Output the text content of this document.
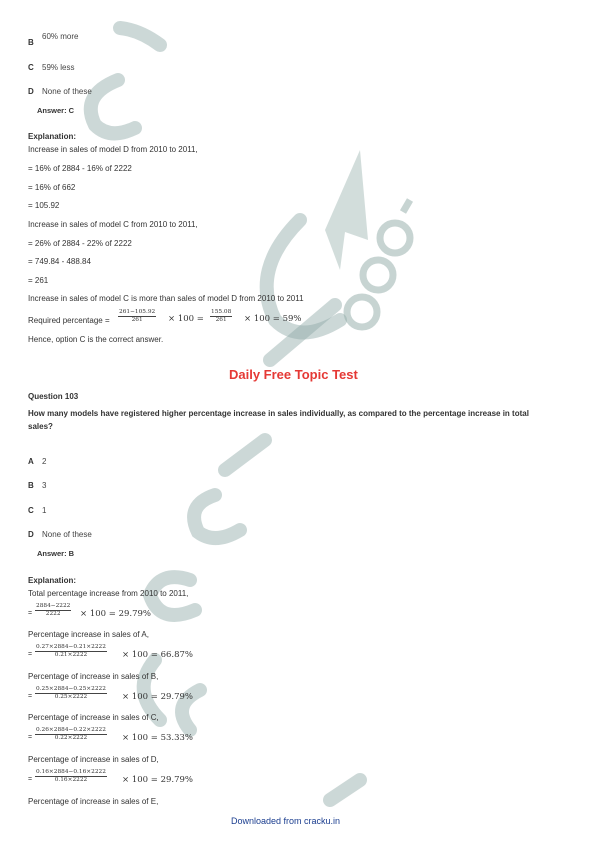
B
60% more
C 59% less
D None of these
Answer: C
Explanation:
Increase in sales of model D from 2010 to 2011,
= 16% of 2884 - 16% of 2222
= 16% of 662
= 105.92
Increase in sales of model C from 2010 to 2011,
= 26% of 2884 - 22% of 2222
= 749.84 - 488.84
= 261
Increase in sales of model C is more than sales of model D from 2010 to 2011
Required percentage = $\frac{261-105.92}{261} \times 100 = \frac{155.08}{261} \times 100 = 59\%$
Hence, option C is the correct answer.
Daily Free Topic Test
Question 103
How many models have registered higher percentage increase in sales individually, as compared to the percentage increase in total
sales?
A 2
B 3
C 1
D None of these
Answer: B
Explanation:
Total percentage increase from 2010 to 2011,
= $\frac{2884-2222}{2222} \times 100 = 29.79\%$
Percentage increase in sales of A,
= $\frac{0.27\times 2884-0.21\times 2222}{0.21\times 2222} \times 100 = 66.87\%$
Percentage of increase in sales of B,
= $\frac{0.25\times 2884-0.25\times 2222}{0.25\times 2222} \times 100 = 29.79\%$
Percentage of increase in sales of C,
= $\frac{0.26\times 2884-0.22\times 2222}{0.22\times 2222} \times 100 = 53.33\%$
Percentage of increase in sales of D,
= $\frac{0.16\times 2884-0.16\times 2222}{0.16\times 2222} \times 100 = 29.79\%$
Percentage of increase in sales of E,
Downloaded from cracku.in
